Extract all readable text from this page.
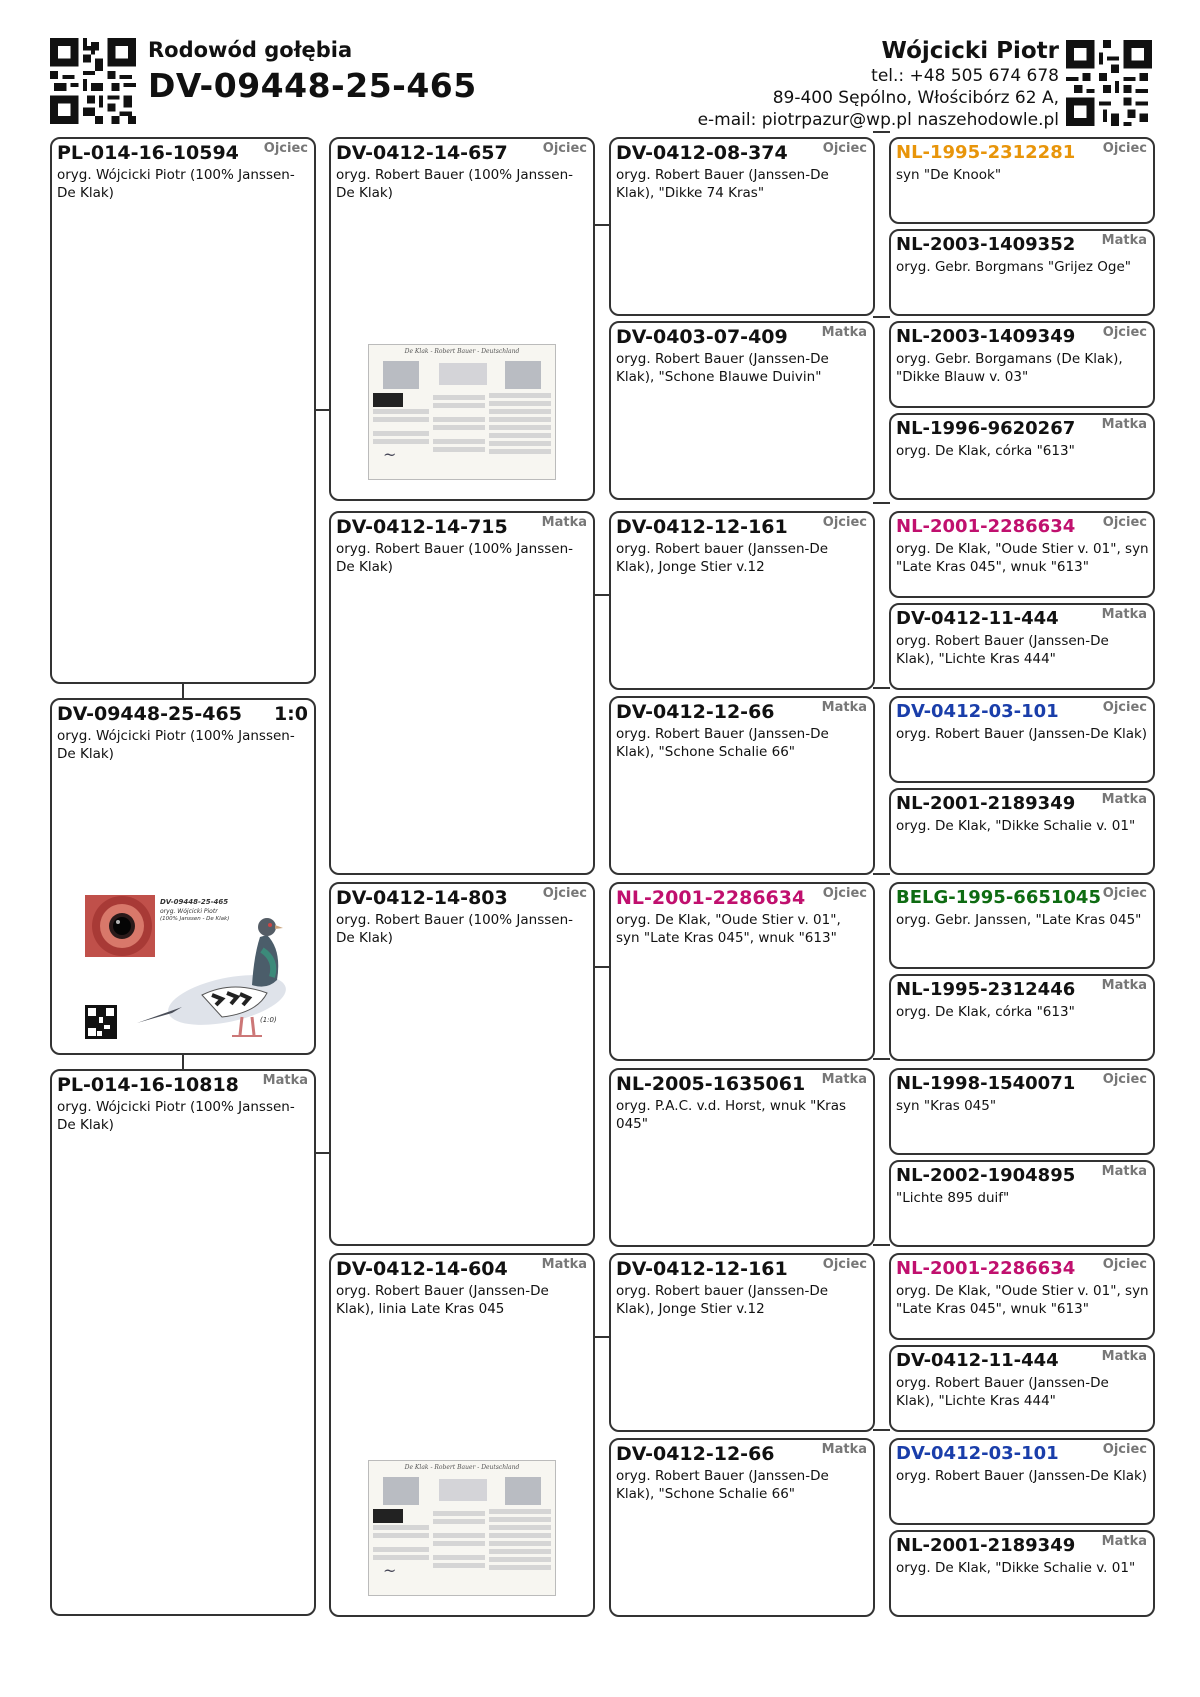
Rodowód gołębia
DV-09448-25-465
Wójcicki Piotr
tel.: +48 505 674 678
89-400 Sępólno, Włościbórz 62 A,
e-mail: piotrpazur@wp.pl naszehodowle.pl
PL-014-16-10594 Ojciec
oryg. Wójcicki Piotr (100% Janssen-De Klak)
DV-09448-25-465 1:0
oryg. Wójcicki Piotr (100% Janssen-De Klak)
DV-09448-25-465
oryg. Wójcicki Piotr
(100% Janssen - De Klak)
(1:0)
PL-014-16-10818 Matka
oryg. Wójcicki Piotr (100% Janssen-De Klak)
DV-0412-14-657	Ojciec
oryg. Robert Bauer (100% Janssen-De Klak)
De Klak - Robert Bauer - Deutschland
~
DV-0412-14-715	Matka
oryg. Robert Bauer (100% Janssen-De Klak)
DV-0412-14-803	Ojciec
oryg. Robert Bauer (100% Janssen-De Klak)
DV-0412-14-604	Matka
oryg. Robert Bauer (Janssen-De Klak), linia Late Kras 045
De Klak - Robert Bauer - Deutschland
~
DV-0412-08-374	Ojciec
oryg. Robert Bauer (Janssen-De Klak), "Dikke 74 Kras"
DV-0403-07-409	Matka
oryg. Robert Bauer (Janssen-De Klak), "Schone Blauwe Duivin"
DV-0412-12-161	Ojciec
oryg. Robert bauer (Janssen-De Klak), Jonge Stier v.12
DV-0412-12-66	Matka
oryg. Robert Bauer (Janssen-De Klak), "Schone Schalie 66"
NL-2001-2286634 Ojciec
oryg. De Klak, "Oude Stier v. 01", syn "Late Kras 045", wnuk "613"
NL-2005-1635061 Matka
oryg. P.A.C. v.d. Horst, wnuk "Kras 045"
DV-0412-12-161	Ojciec
oryg. Robert bauer (Janssen-De Klak), Jonge Stier v.12
DV-0412-12-66	Matka
oryg. Robert Bauer (Janssen-De Klak), "Schone Schalie 66"
NL-1995-2312281 Ojciec
syn "De Knook"
NL-2003-1409352 Matka
oryg. Gebr. Borgmans "Grijez Oge"
NL-2003-1409349 Ojciec
oryg. Gebr. Borgamans (De Klak), "Dikke Blauw v. 03"
NL-1996-9620267 Matka
oryg. De Klak, córka "613"
NL-2001-2286634 Ojciec
oryg. De Klak, "Oude Stier v. 01", syn "Late Kras 045", wnuk "613"
DV-0412-11-444	Matka
oryg. Robert Bauer (Janssen-De Klak), "Lichte Kras 444"
DV-0412-03-101	Ojciec
oryg. Robert Bauer (Janssen-De Klak)
NL-2001-2189349 Matka
oryg. De Klak, "Dikke Schalie v. 01"
BELG-1995-6651045 Ojciec
oryg. Gebr. Janssen, "Late Kras 045"
NL-1995-2312446 Matka
oryg. De Klak, córka "613"
NL-1998-1540071 Ojciec
syn "Kras 045"
NL-2002-1904895 Matka
"Lichte 895 duif"
NL-2001-2286634 Ojciec
oryg. De Klak, "Oude Stier v. 01", syn "Late Kras 045", wnuk "613"
DV-0412-11-444	Matka
oryg. Robert Bauer (Janssen-De Klak), "Lichte Kras 444"
DV-0412-03-101	Ojciec
oryg. Robert Bauer (Janssen-De Klak)
NL-2001-2189349 Matka
oryg. De Klak, "Dikke Schalie v. 01"
